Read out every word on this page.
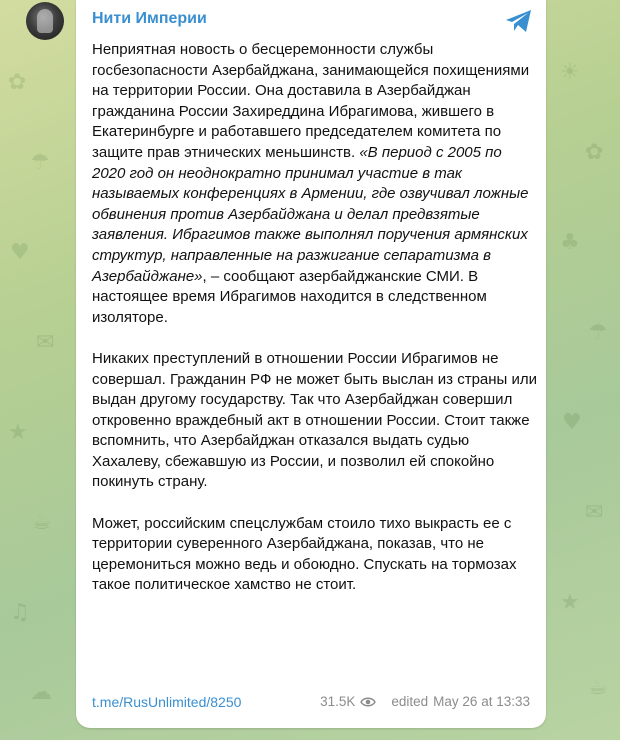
✿
☂
♥
✉
★
☕
♫
☁
☀
✿
♣
☂
♥
✉
★
☕
Нити Империи
Неприятная новость о бесцеремонности службы госбезопасности Азербайджана, занимающейся похищениями на территории России. Она доставила в Азербайджан гражданина России Захиреддина Ибрагимова, жившего в Екатеринбурге и работавшего председателем комитета по защите прав этнических меньшинств. «В период с 2005 по 2020 год он неоднократно принимал участие в так называемых конференциях в Армении, где озвучивал ложные обвинения против Азербайджана и делал предвзятые заявления. Ибрагимов также выполнял поручения армянских структур, направленные на разжигание сепаратизма в Азербайджане», – сообщают азербайджанские СМИ. В настоящее время Ибрагимов находится в следственном изоляторе.

Никаких преступлений в отношении России Ибрагимов не совершал. Гражданин РФ не может быть выслан из страны или выдан другому государству. Так что Азербайджан совершил откровенно враждебный акт в отношении России. Стоит также вспомнить, что Азербайджан отказался выдать судью Хахалеву, сбежавшую из России, и позволил ей спокойно покинуть страну.

Может, российским спецслужбам стоило тихо выкрасть ее с территории суверенного Азербайджана, показав, что не церемониться можно ведь и обоюдно. Спускать на тормозах такое политическое хамство не стоит.
t.me/RusUnlimited/8250	31.5K	edited May 26 at 13:33
